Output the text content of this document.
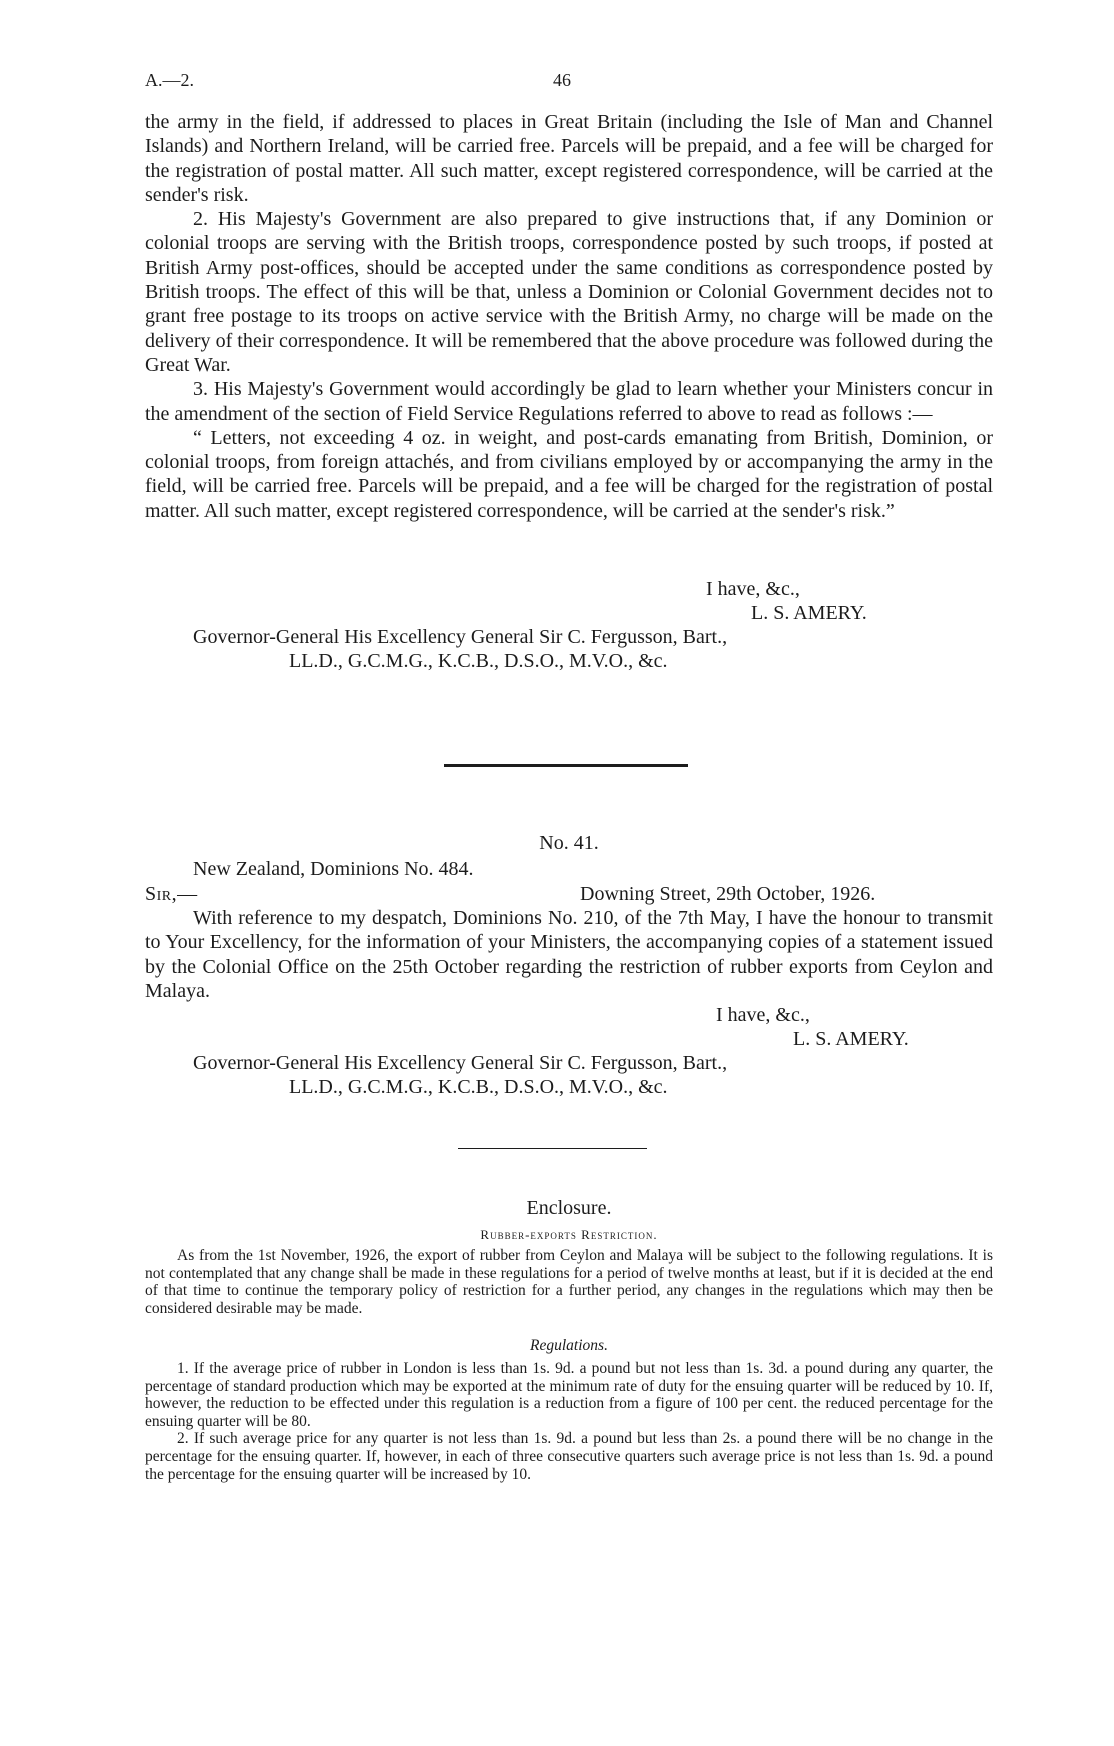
A.—2.	46

the army in the field, if addressed to places in Great Britain (including the Isle of Man and Channel Islands) and Northern Ireland, will be carried free. Parcels will be prepaid, and a fee will be charged for the registration of postal matter. All such matter, except registered correspondence, will be carried at the sender's risk.

2. His Majesty's Government are also prepared to give instructions that, if any Dominion or colonial troops are serving with the British troops, correspondence posted by such troops, if posted at British Army post-offices, should be accepted under the same conditions as correspondence posted by British troops. The effect of this will be that, unless a Dominion or Colonial Government decides not to grant free postage to its troops on active service with the British Army, no charge will be made on the delivery of their correspondence. It will be remembered that the above procedure was followed during the Great War.

3. His Majesty's Government would accordingly be glad to learn whether your Ministers concur in the amendment of the section of Field Service Regulations referred to above to read as follows :—

“ Letters, not exceeding 4 oz. in weight, and post-cards emanating from British, Dominion, or colonial troops, from foreign attachés, and from civilians employed by or accompanying the army in the field, will be carried free. Parcels will be prepaid, and a fee will be charged for the registration of postal matter. All such matter, except registered correspondence, will be carried at the sender's risk.”

I have, &c.,
L. S. AMERY.
Governor-General His Excellency General Sir C. Fergusson, Bart.,
LL.D., G.C.M.G., K.C.B., D.S.O., M.V.O., &c.
No. 41.
New Zealand, Dominions No. 484.
Sir,—	Downing Street, 29th October, 1926.

With reference to my despatch, Dominions No. 210, of the 7th May, I have the honour to transmit to Your Excellency, for the information of your Ministers, the accompanying copies of a statement issued by the Colonial Office on the 25th October regarding the restriction of rubber exports from Ceylon and Malaya.

I have, &c.,
L. S. AMERY.
Governor-General His Excellency General Sir C. Fergusson, Bart.,
LL.D., G.C.M.G., K.C.B., D.S.O., M.V.O., &c.
Enclosure.
Rubber-exports Restriction.

As from the 1st November, 1926, the export of rubber from Ceylon and Malaya will be subject to the following regulations. It is not contemplated that any change shall be made in these regulations for a period of twelve months at least, but if it is decided at the end of that time to continue the temporary policy of restriction for a further period, any changes in the regulations which may then be considered desirable may be made.

Regulations.

1. If the average price of rubber in London is less than 1s. 9d. a pound but not less than 1s. 3d. a pound during any quarter, the percentage of standard production which may be exported at the minimum rate of duty for the ensuing quarter will be reduced by 10. If, however, the reduction to be effected under this regulation is a reduction from a figure of 100 per cent. the reduced percentage for the ensuing quarter will be 80.

2. If such average price for any quarter is not less than 1s. 9d. a pound but less than 2s. a pound there will be no change in the percentage for the ensuing quarter. If, however, in each of three consecutive quarters such average price is not less than 1s. 9d. a pound the percentage for the ensuing quarter will be increased by 10.
